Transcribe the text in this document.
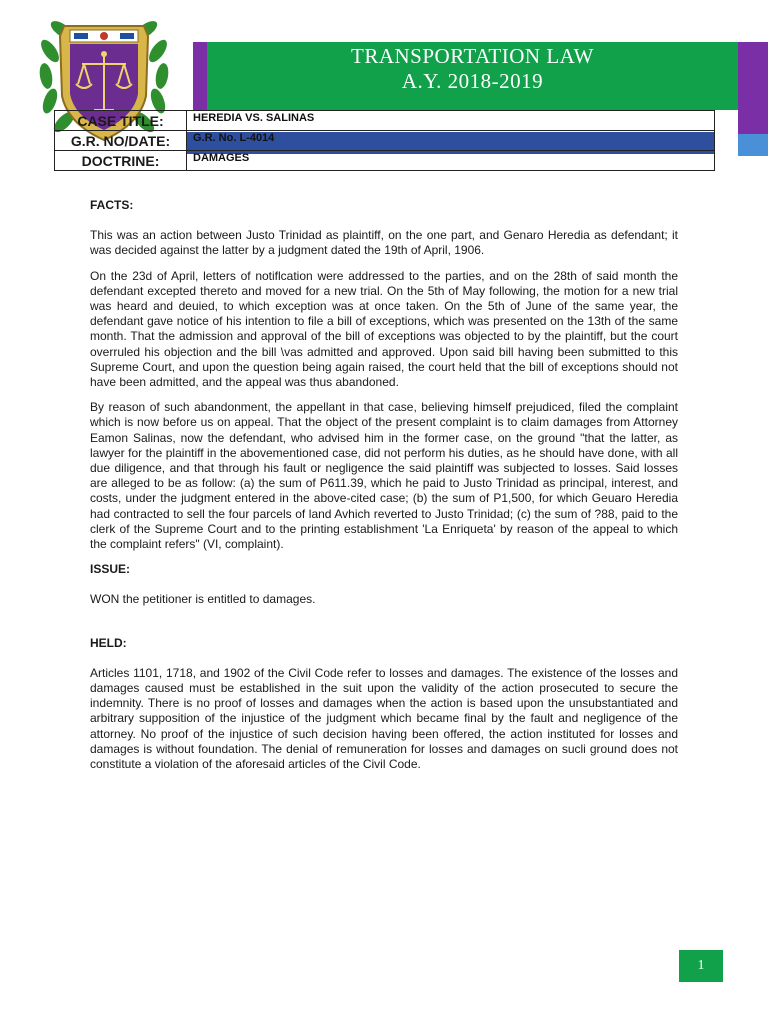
TRANSPORTATION LAW
A.Y. 2018-2019
CASE TITLE:	HEREDIA VS. SALINAS
G.R. NO/DATE:	G.R. No. L-4014
DOCTRINE:	DAMAGES
FACTS:

This was an action between Justo Trinidad as plaintiff, on the one part, and Genaro Heredia as defendant; it was decided against the latter by a judgment dated the 19th of April, 1906.

On the 23d of April, letters of notiflcation were addressed to the parties, and on the 28th of said month the defendant excepted thereto and moved for a new trial. On the 5th of May following, the motion for a new trial was heard and deuied, to which exception was at once taken. On the 5th of June of the same year, the defendant gave notice of his intention to file a bill of exceptions, which was presented on the 13th of the same month. That the admission and approval of the bill of exceptions was objected to by the plaintiff, but the court overruled his objection and the bill \vas admitted and approved. Upon said bill having been submitted to this Supreme Court, and upon the question being again raised, the court held that the bill of exceptions should not have been admitted, and the appeal was thus abandoned.

By reason of such abandonment, the appellant in that case, believing himself prejudiced, filed the complaint which is now before us on appeal. That the object of the present complaint is to claim damages from Attorney Eamon Salinas, now the defendant, who advised him in the former case, on the ground "that the latter, as lawyer for the plaintiff in the abovementioned case, did not perform his duties, as he should have done, with all due diligence, and that through his fault or negligence the said plaintiff was subjected to losses. Said losses are alleged to be as follow: (a) the sum of P611.39, which he paid to Justo Trinidad as principal, interest, and costs, under the judgment entered in the above-cited case; (b) the sum of P1,500, for which Geuaro Heredia had contracted to sell the four parcels of land Avhich reverted to Justo Trinidad; (c) the sum of ?88, paid to the clerk of the Supreme Court and to the printing establishment 'La Enriqueta' by reason of the appeal to which the complaint refers" (VI, complaint).

ISSUE:

WON the petitioner is entitled to damages.

HELD:

Articles 1101, 1718, and 1902 of the Civil Code refer to losses and damages. The existence of the losses and damages caused must be established in the suit upon the validity of the action prosecuted to secure the indemnity. There is no proof of losses and damages when the action is based upon the unsubstantiated and arbitrary supposition of the injustice of the judgment which became final by the fault and negligence of the attorney. No proof of the injustice of such decision having been offered, the action instituted for losses and damages is without foundation. The denial of remuneration for losses and damages on sucli ground does not constitute a violation of the aforesaid articles of the Civil Code.

1
